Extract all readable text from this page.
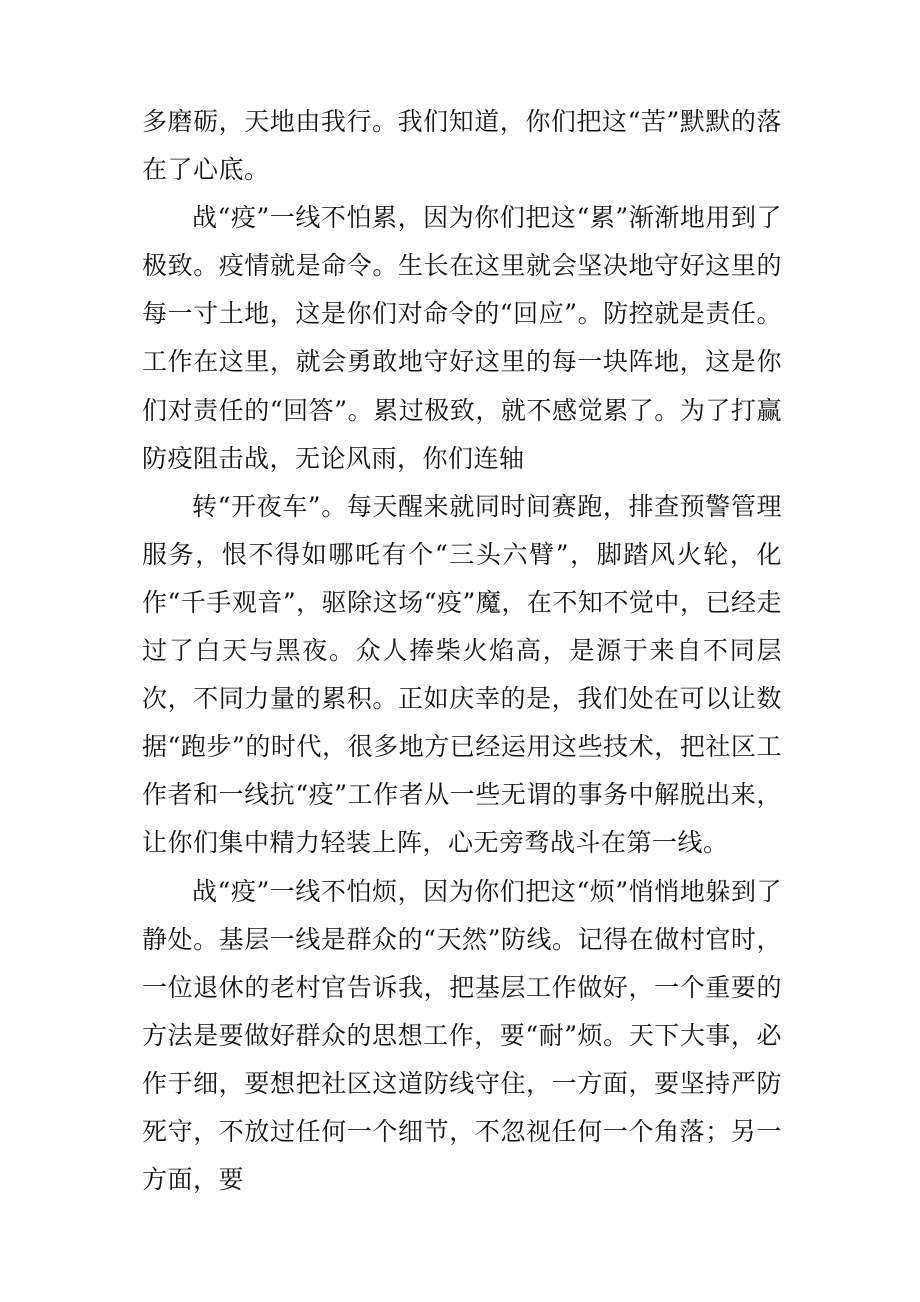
多磨砺，天地由我行。我们知道，你们把这“苦”默默的落在了心底。

战“疫”一线不怕累，因为你们把这“累”渐渐地用到了极致。疫情就是命令。生长在这里就会坚决地守好这里的每一寸土地，这是你们对命令的“回应”。防控就是责任。工作在这里，就会勇敢地守好这里的每一块阵地，这是你们对责任的“回答”。累过极致，就不感觉累了。为了打赢防疫阻击战，无论风雨，你们连轴

转“开夜车”。每天醒来就同时间赛跑，排查预警管理服务，恨不得如哪吒有个“三头六臂”，脚踏风火轮，化作“千手观音”，驱除这场“疫”魔，在不知不觉中，已经走过了白天与黑夜。众人捧柴火焰高，是源于来自不同层次，不同力量的累积。正如庆幸的是，我们处在可以让数据“跑步”的时代，很多地方已经运用这些技术，把社区工作者和一线抗“疫”工作者从一些无谓的事务中解脱出来，让你们集中精力轻装上阵，心无旁骛战斗在第一线。

战“疫”一线不怕烦，因为你们把这“烦”悄悄地躲到了静处。基层一线是群众的“天然”防线。记得在做村官时，一位退休的老村官告诉我，把基层工作做好，一个重要的方法是要做好群众的思想工作，要“耐”烦。天下大事，必作于细，要想把社区这道防线守住，一方面，要坚持严防死守，不放过任何一个细节，不忽视任何一个角落；另一方面，要
